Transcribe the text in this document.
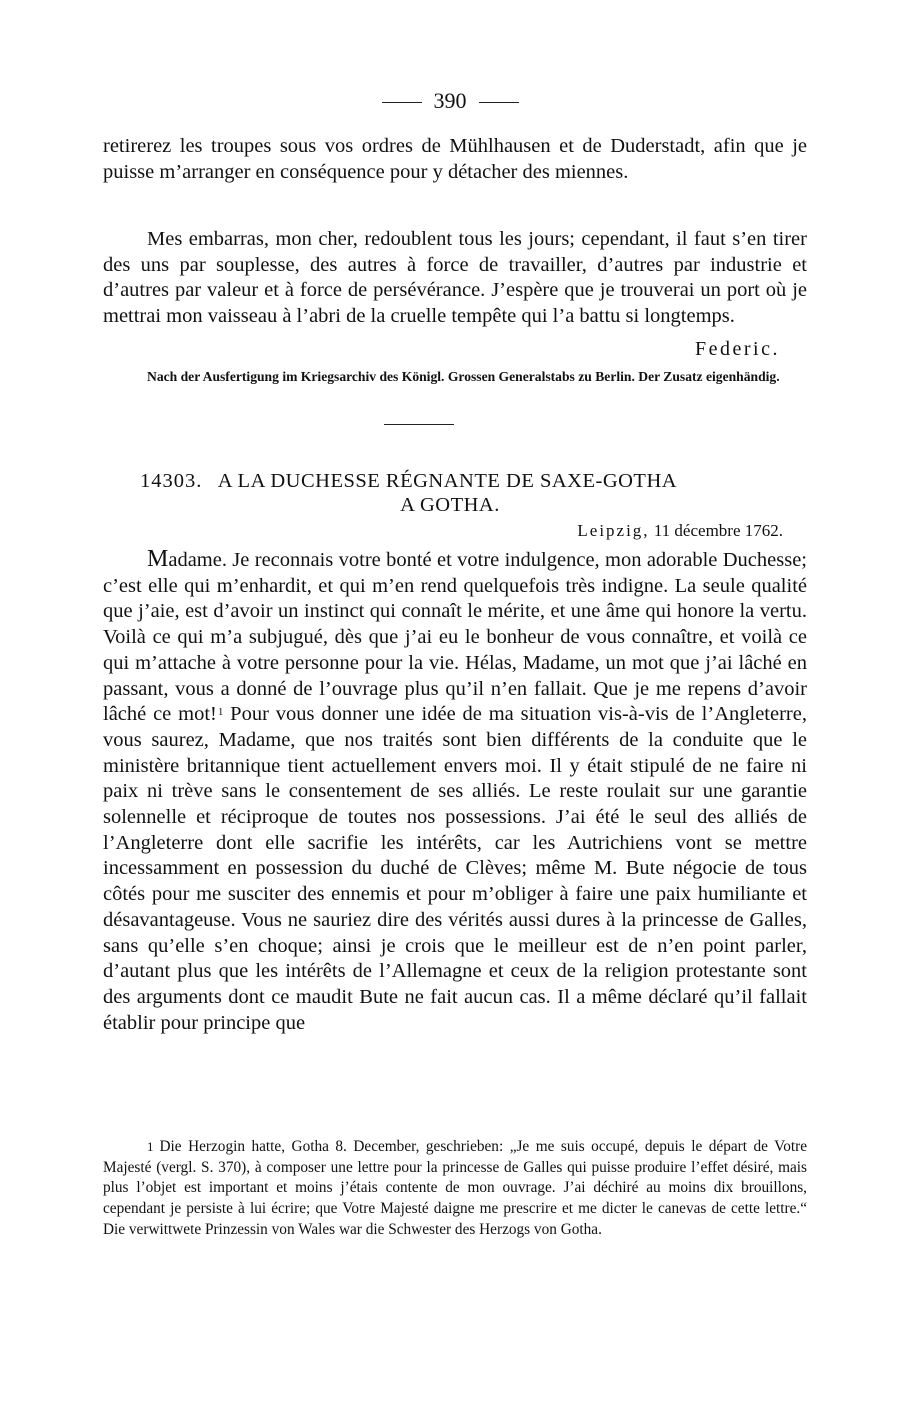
390

retirerez les troupes sous vos ordres de Mühlhausen et de Duderstadt, afin que je puisse m’arranger en conséquence pour y détacher des miennes.

Mes embarras, mon cher, redoublent tous les jours; cependant, il faut s’en tirer des uns par souplesse, des autres à force de travailler, d’autres par industrie et d’autres par valeur et à force de persévérance. J’espère que je trouverai un port où je mettrai mon vaisseau à l’abri de la cruelle tempête qui l’a battu si longtemps.

Federic.
Nach der Ausfertigung im Kriegsarchiv des Königl. Grossen Generalstabs zu Berlin. Der Zusatz eigenhändig.
14303. A LA DUCHESSE RÉGNANTE DE SAXE-GOTHA
A GOTHA.
Leipzig, 11 décembre 1762.

Madame. Je reconnais votre bonté et votre indulgence, mon adorable Duchesse; c’est elle qui m’enhardit, et qui m’en rend quelquefois très indigne. La seule qualité que j’aie, est d’avoir un instinct qui connaît le mérite, et une âme qui honore la vertu. Voilà ce qui m’a subjugué, dès que j’ai eu le bonheur de vous connaître, et voilà ce qui m’attache à votre personne pour la vie. Hélas, Madame, un mot que j’ai lâché en passant, vous a donné de l’ouvrage plus qu’il n’en fallait. Que je me repens d’avoir lâché ce mot!$^1$ Pour vous donner une idée de ma situation vis-à-vis de l’Angleterre, vous saurez, Madame, que nos traités sont bien différents de la conduite que le ministère britannique tient actuellement envers moi. Il y était stipulé de ne faire ni paix ni trève sans le consentement de ses alliés. Le reste roulait sur une garantie solennelle et réciproque de toutes nos possessions. J’ai été le seul des alliés de l’Angleterre dont elle sacrifie les intérêts, car les Autrichiens vont se mettre incessamment en possession du duché de Clèves; même M. Bute négocie de tous côtés pour me susciter des ennemis et pour m’obliger à faire une paix humiliante et désavantageuse. Vous ne sauriez dire des vérités aussi dures à la princesse de Galles, sans qu’elle s’en choque; ainsi je crois que le meilleur est de n’en point parler, d’autant plus que les intérêts de l’Allemagne et ceux de la religion protestante sont des arguments dont ce maudit Bute ne fait aucun cas. Il a même déclaré qu’il fallait établir pour principe que

1 Die Herzogin hatte, Gotha 8. December, geschrieben: „Je me suis occupé, depuis le départ de Votre Majesté (vergl. S. 370), à composer une lettre pour la princesse de Galles qui puisse produire l’effet désiré, mais plus l’objet est important et moins j’étais contente de mon ouvrage. J’ai déchiré au moins dix brouillons, cependant je persiste à lui écrire; que Votre Majesté daigne me prescrire et me dicter le canevas de cette lettre.“ Die verwittwete Prinzessin von Wales war die Schwester des Herzogs von Gotha.
